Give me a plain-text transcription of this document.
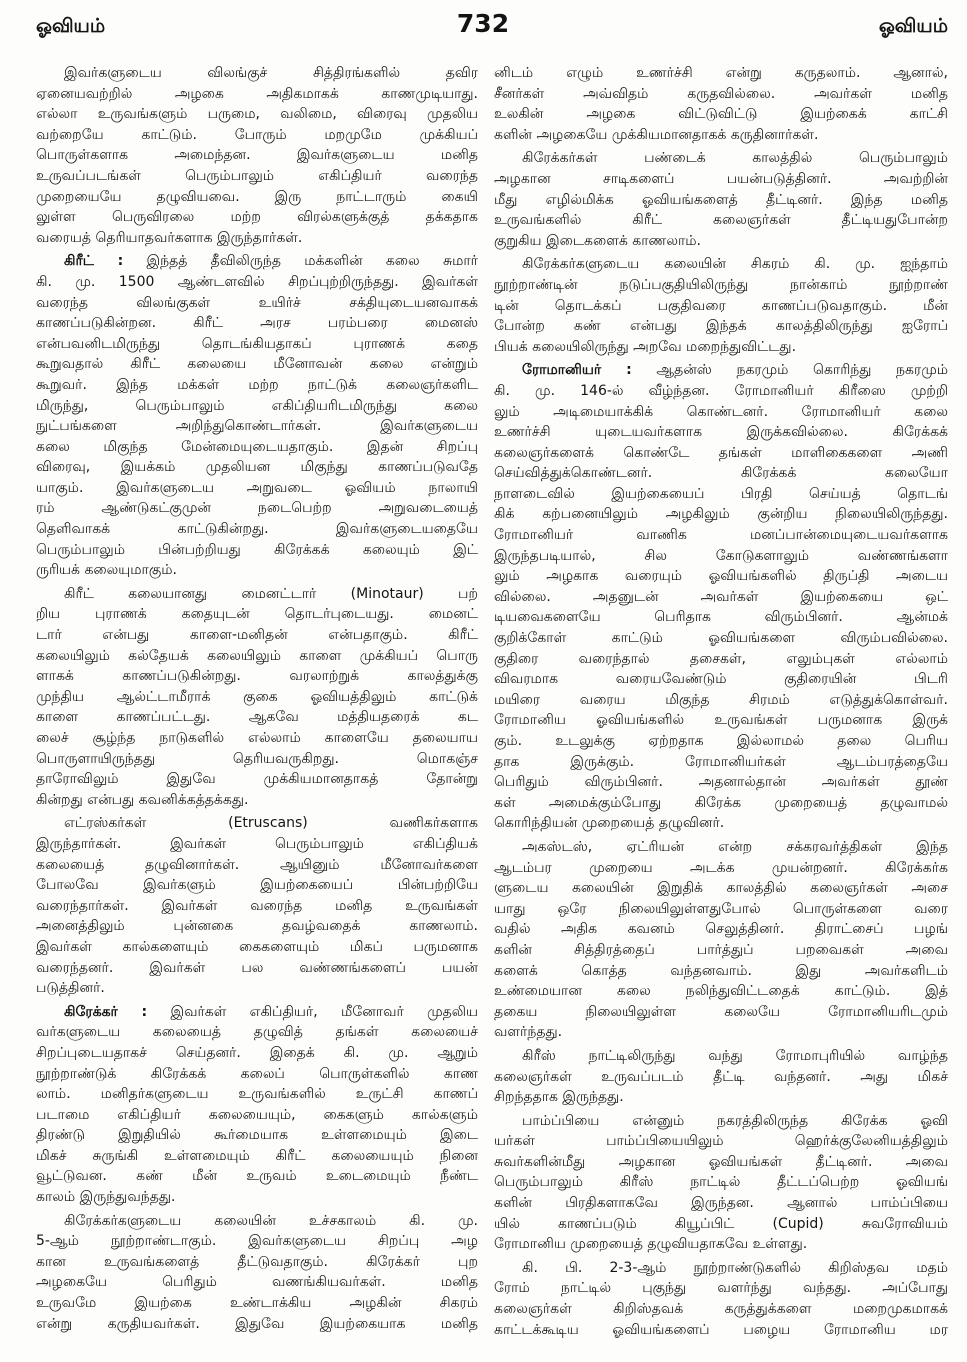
ஓவியம்	732	ஓவியம்
இவர்களுடைய விலங்குச் சித்திரங்களில் தவிர
ஏனையவற்றில் அழகை அதிகமாகக் காணமுடியாது.
எல்லா உருவங்களும் பருமை, வலிமை, விரைவு முதலிய
வற்றையே காட்டும். போரும் மறமுமே முக்கியப்
பொருள்களாக அமைந்தன. இவர்களுடைய மனித
உருவப்படங்கள் பெரும்பாலும் எகிப்தியர் வரைந்த
முறையையே தழுவியவை. இரு நாட்டாரும் கையி
லுள்ள பெருவிரலை மற்ற விரல்களுக்குத் தக்கதாக
வரையத் தெரியாதவர்களாக இருந்தார்கள்.
கிரீட் : இந்தத் தீவிலிருந்த மக்களின் கலை சுமார்
கி. மு. 1500 ஆண்டளவில் சிறப்புற்றிருந்தது. இவர்கள்
வரைந்த விலங்குகள் உயிர்ச் சக்தியுடையனவாகக்
காணப்படுகின்றன. கிரீட் அரச பரம்பரை மைனஸ்
என்பவனிடமிருந்து தொடங்கியதாகப் புராணக் கதை
கூறுவதால் கிரீட் கலையை மீனோவன் கலை என்றும்
கூறுவர். இந்த மக்கள் மற்ற நாட்டுக் கலைஞர்களிட
மிருந்து, பெரும்பாலும் எகிப்தியரிடமிருந்து கலை
நுட்பங்களை அறிந்துகொண்டார்கள். இவர்களுடைய
கலை மிகுந்த மேன்மையுடையதாகும். இதன் சிறப்பு
விரைவு, இயக்கம் முதலியன மிகுந்து காணப்படுவதே
யாகும். இவர்களுடைய அறுவடை ஓவியம் நாலாயி
ரம் ஆண்டுகட்குமுன் நடைபெற்ற அறுவடையைத்
தெளிவாகக் காட்டுகின்றது. இவர்களுடையதையே
பெரும்பாலும் பின்பற்றியது கிரேக்கக் கலையும் இட்
ருரியக் கலையுமாகும்.
கிரீட் கலையானது மைனட்டார் (Minotaur) பற்
றிய புராணக் கதையுடன் தொடர்புடையது. மைனட்
டார் என்பது காளை-மனிதன் என்பதாகும். கிரீட்
கலையிலும் கல்தேயக் கலையிலும் காளை முக்கியப் பொரு
ளாகக் காணப்படுகின்றது. வரலாற்றுக் காலத்துக்கு
முந்திய ஆல்ட்டாமீராக் குகை ஓவியத்திலும் காட்டுக்
காளை காணப்பட்டது. ஆகவே மத்தியதரைக் கட
லைச் சூழ்ந்த நாடுகளில் எல்லாம் காளையே தலையாய
பொருளாயிருந்தது தெரியவருகிறது. மொகஞ்ச
தாரோவிலும் இதுவே முக்கியமானதாகத் தோன்று
கின்றது என்பது கவனிக்கத்தக்கது.
எட்ரஸ்கர்கள் (Etruscans) வணிகர்களாக
இருந்தார்கள். இவர்கள் பெரும்பாலும் எகிப்தியக்
கலையைத் தழுவினார்கள். ஆயினும் மீனோவர்களை
போலவே இவர்களும் இயற்கையைப் பின்பற்றியே
வரைந்தார்கள். இவர்கள் வரைந்த மனித உருவங்கள்
அனைத்திலும் புன்னகை தவழ்வதைக் காணலாம்.
இவர்கள் கால்களையும் கைகளையும் மிகப் பருமனாக
வரைந்தனர். இவர்கள் பல வண்ணங்களைப் பயன்
படுத்தினர்.
கிரேக்கர் : இவர்கள் எகிப்தியர், மீனோவர் முதலிய
வர்களுடைய கலையைத் தழுவித் தங்கள் கலையைச்
சிறப்புடையதாகச் செய்தனர். இதைக் கி. மு. ஆறும்
நூற்றாண்டுக் கிரேக்கக் கலைப் பொருள்களில் காண
லாம். மனிதர்களுடைய உருவங்களில் உருட்சி காணப்
படாமை எகிப்தியர் கலையையும், கைகளும் கால்களும்
திரண்டு இறுதியில் கூர்மையாக உள்ளமையும் இடை
மிகச் சுருங்கி உள்ளமையும் கிரீட் கலையையும் நினை
வூட்டுவன. கண் மீன் உருவம் உடைமையும் நீண்ட
காலம் இருந்துவந்தது.
கிரேக்கர்களுடைய கலையின் உச்சகாலம் கி. மு.
5-ஆம் நூற்றாண்டாகும். இவர்களுடைய சிறப்பு அழ
கான உருவங்களைத் தீட்டுவதாகும். கிரேக்கர் புற
அழகையே பெரிதும் வணங்கியவர்கள். மனித
உருவமே இயற்கை உண்டாக்கிய அழகின் சிகரம்
என்று கருதியவர்கள். இதுவே இயற்கையாக மனித
னிடம் எழும் உணர்ச்சி என்று கருதலாம். ஆனால்,
சீனர்கள் அவ்விதம் கருதவில்லை. அவர்கள் மனித
உலகின் அழகை விட்டுவிட்டு இயற்கைக் காட்சி
களின் அழகையே முக்கியமானதாகக் கருதினார்கள்.
கிரேக்கர்கள் பண்டைக் காலத்தில் பெரும்பாலும்
அழகான சாடிகளைப் பயன்படுத்தினர். அவற்றின்
மீது எழில்மிக்க ஓவியங்களைத் தீட்டினர். இந்த மனித
உருவங்களில் கிரீட் கலைஞர்கள் தீட்டியதுபோன்ற
குறுகிய இடைகளைக் காணலாம்.
கிரேக்கர்களுடைய கலையின் சிகரம் கி. மு. ஐந்தாம்
நூற்றாண்டின் நடுப்பகுதியிலிருந்து நான்காம் நூற்றாண்
டின் தொடக்கப் பகுதிவரை காணப்படுவதாகும். மீன்
போன்ற கண் என்பது இந்தக் காலத்திலிருந்து ஐரோப்
பியக் கலையிலிருந்து அறவே மறைந்துவிட்டது.
ரோமானியர் : ஆதன்ஸ் நகரமும் கொரிந்து நகரமும்
கி. மு. 146-ல் வீழ்ந்தன. ரோமானியர் கிரீஸை முற்றி
லும் அடிமையாக்கிக் கொண்டனர். ரோமானியர் கலை
உணர்ச்சி யுடையவர்களாக இருக்கவில்லை. கிரேக்கக்
கலைஞர்களைக் கொண்டே தங்கள் மாளிகைகளை அணி
செய்வித்துக்கொண்டனர். கிரேக்கக் கலையோ
நாளடைவில் இயற்கையைப் பிரதி செய்யத் தொடங்
கிக் கற்பனையிலும் அழகிலும் குன்றிய நிலையிலிருந்தது.
ரோமானியர் வாணிக மனப்பான்மையுடையவர்களாக
இருந்தபடியால், சில கோடுகளாலும் வண்ணங்களா
லும் அழகாக வரையும் ஓவியங்களில் திருப்தி அடைய
வில்லை. அதனுடன் அவர்கள் இயற்கையை ஒட்
டியவைகளையே பெரிதாக விரும்பினர். ஆன்மக்
குறிக்கோள் காட்டும் ஓவியங்களை விரும்பவில்லை.
குதிரை வரைந்தால் தசைகள், எலும்புகள் எல்லாம்
விவரமாக வரையவேண்டும் குதிரையின் பிடரி
மயிரை வரைய மிகுந்த சிரமம் எடுத்துக்கொள்வர்.
ரோமானிய ஓவியங்களில் உருவங்கள் பருமனாக இருக்
கும். உடலுக்கு ஏற்றதாக இல்லாமல் தலை பெரிய
தாக இருக்கும். ரோமானியர்கள் ஆடம்பரத்தையே
பெரிதும் விரும்பினர். அதனால்தான் அவர்கள் தூண்
கள் அமைக்கும்போது கிரேக்க முறையைத் தழுவாமல்
கொரிந்தியன் முறையைத் தழுவினர்.
அகஸ்டஸ், ஏட்ரியன் என்ற சக்கரவர்த்திகள் இந்த
ஆடம்பர முறையை அடக்க முயன்றனர். கிரேக்கர்க
ளுடைய கலையின் இறுதிக் காலத்தில் கலைஞர்கள் அசை
யாது ஒரே நிலையிலுள்ளதுபோல் பொருள்களை வரை
வதில் அதிக கவனம் செலுத்தினர். திராட்சைப் பழங்
களின் சித்திரத்தைப் பார்த்துப் பறவைகள் அவை
களைக் கொத்த வந்தனவாம். இது அவர்களிடம்
உண்மையான கலை நலிந்துவிட்டதைக் காட்டும். இத்
தகைய நிலையிலுள்ள கலையே ரோமானியரிடமும்
வளர்ந்தது.
கிரீஸ் நாட்டிலிருந்து வந்து ரோமாபுரியில் வாழ்ந்த
கலைஞர்கள் உருவப்படம் தீட்டி வந்தனர். அது மிகச்
சிறந்ததாக இருந்தது.
பாம்ப்பியை என்னும் நகரத்திலிருந்த கிரேக்க ஓவி
யர்கள் பாம்ப்பியையிலும் ஹெர்க்குலேனியத்திலும்
சுவர்களின்மீது அழகான ஓவியங்கள் தீட்டினர். அவை
பெரும்பாலும் கிரீஸ் நாட்டில் தீட்டப்பெற்ற ஓவியங்
களின் பிரதிகளாகவே இருந்தன. ஆனால் பாம்ப்பியை
யில் காணப்படும் கியூப்பிட் (Cupid) சுவரோவியம்
ரோமானிய முறையைத் தழுவியதாகவே உள்ளது.
கி. பி. 2-3-ஆம் நூற்றாண்டுகளில் கிறிஸ்தவ மதம்
ரோம் நாட்டில் புகுந்து வளர்ந்து வந்தது. அப்போது
கலைஞர்கள் கிறிஸ்தவக் கருத்துக்களை மறைமுகமாகக்
காட்டக்கூடிய ஓவியங்களைப் பழைய ரோமானிய மர
